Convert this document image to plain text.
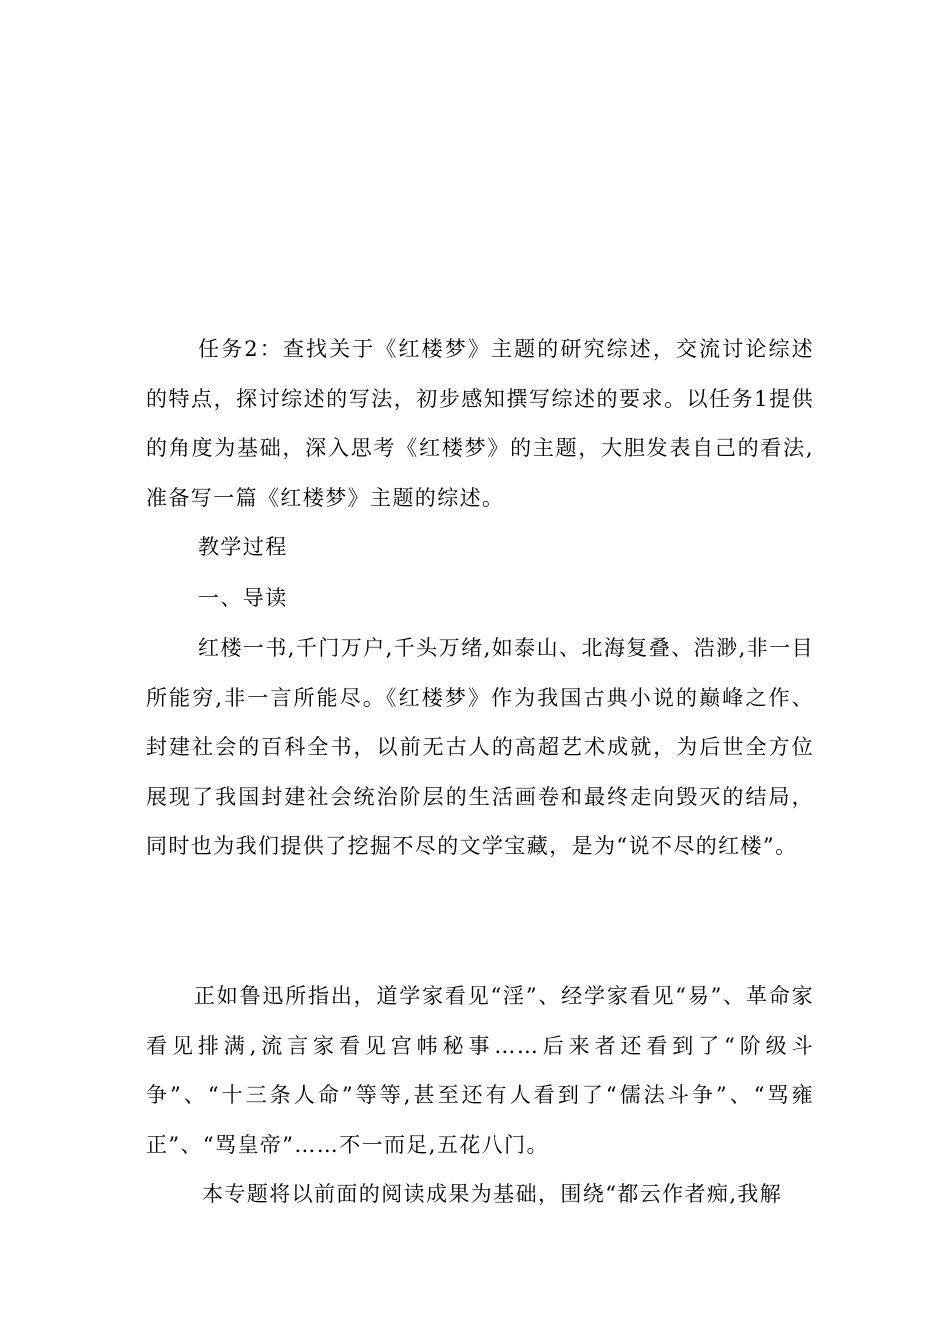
任务2：查找关于《红楼梦》主题的研究综述，交流讨论综述的特点，探讨综述的写法，初步感知撰写综述的要求。以任务1提供的角度为基础，深入思考《红楼梦》的主题，大胆发表自己的看法,准备写一篇《红楼梦》主题的综述。

教学过程

一、导读

红楼一书,千门万户,千头万绪,如泰山、北海复叠、浩渺,非一目所能穷,非一言所能尽。《红楼梦》作为我国古典小说的巅峰之作、封建社会的百科全书，以前无古人的高超艺术成就，为后世全方位展现了我国封建社会统治阶层的生活画卷和最终走向毁灭的结局，同时也为我们提供了挖掘不尽的文学宝藏，是为“说不尽的红楼”。

正如鲁迅所指出，道学家看见“淫”、经学家看见“易”、革命家看见排满,流言家看见宫帏秘事……后来者还看到了“阶级斗争”、“十三条人命”等等,甚至还有人看到了“儒法斗争”、“骂雍正”、“骂皇帝”……不一而足,五花八门。

本专题将以前面的阅读成果为基础，围绕“都云作者痴,我解
